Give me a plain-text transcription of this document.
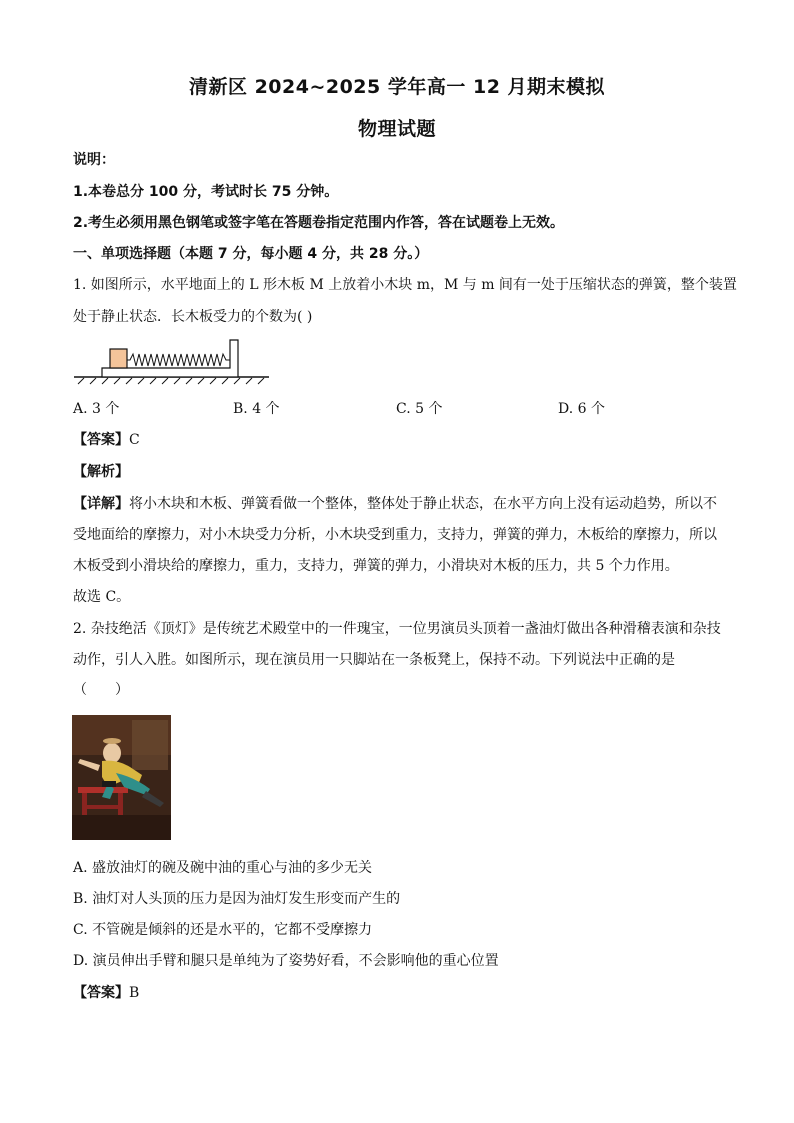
清新区 2024~2025 学年高一 12 月期末模拟
物理试题
说明：
1.本卷总分 100 分，考试时长 75 分钟。
2.考生必须用黑色钢笔或签字笔在答题卷指定范围内作答，答在试题卷上无效。
一、单项选择题（本题 7 分，每小题 4 分，共 28 分。）
1. 如图所示，水平地面上的 L 形木板 M 上放着小木块 m，M 与 m 间有一处于压缩状态的弹簧，整个装置
处于静止状态．长木板受力的个数为( )
A. 3 个	B. 4 个	C. 5 个	D. 6 个
【答案】C
【解析】
【详解】将小木块和木板、弹簧看做一个整体，整体处于静止状态，在水平方向上没有运动趋势，所以不
受地面给的摩擦力，对小木块受力分析，小木块受到重力，支持力，弹簧的弹力，木板给的摩擦力，所以
木板受到小滑块给的摩擦力，重力，支持力，弹簧的弹力，小滑块对木板的压力，共 5 个力作用。
故选 C。
2. 杂技绝活《顶灯》是传统艺术殿堂中的一件瑰宝，一位男演员头顶着一盏油灯做出各种滑稽表演和杂技
动作，引人入胜。如图所示，现在演员用一只脚站在一条板凳上，保持不动。下列说法中正确的是
（　　）
A. 盛放油灯的碗及碗中油的重心与油的多少无关
B. 油灯对人头顶的压力是因为油灯发生形变而产生的
C. 不管碗是倾斜的还是水平的，它都不受摩擦力
D. 演员伸出手臂和腿只是单纯为了姿势好看，不会影响他的重心位置
【答案】B
